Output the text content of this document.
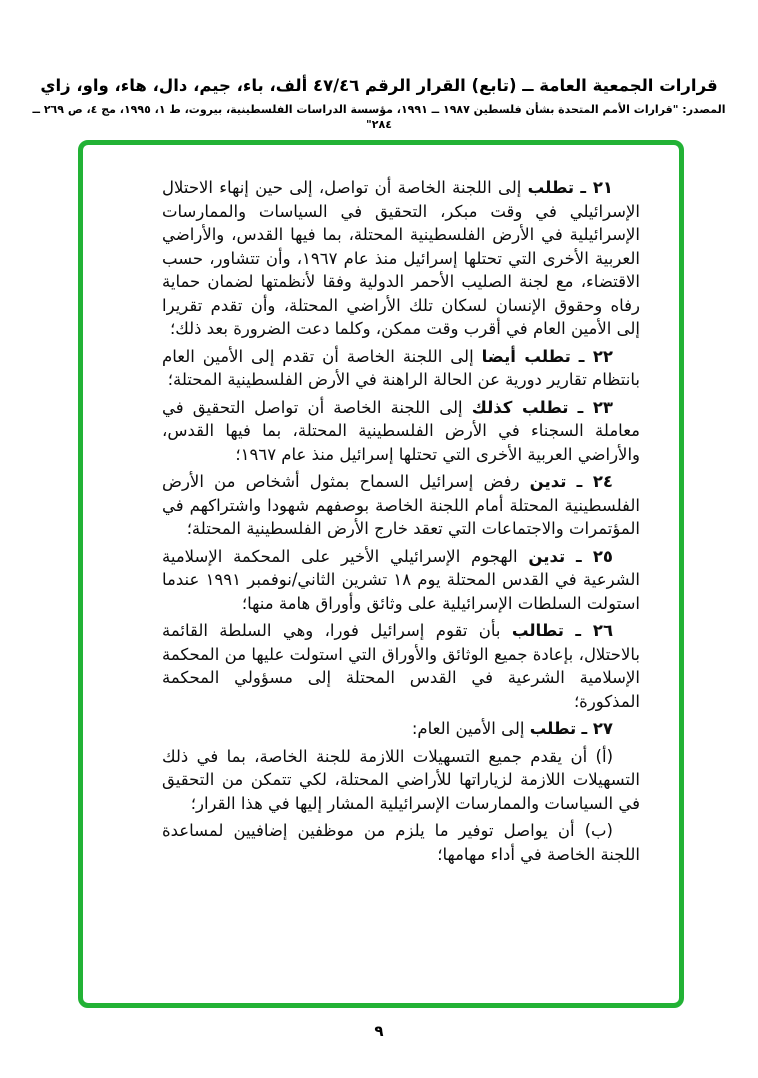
قرارات الجمعية العامة ــ (تابع) القرار الرقم ٤٧/٤٦ ألف، باء، جيم، دال، هاء، واو، زاي
المصدر: "قرارات الأمم المتحدة بشأن فلسطين ١٩٨٧ ــ ١٩٩١، مؤسسة الدراسات الفلسطينية، بيروت، ط ١، ١٩٩٥، مج ٤، ص ٢٦٩ ــ ٢٨٤"

٢١ ـ تطلب إلى اللجنة الخاصة أن تواصل، إلى حين إنهاء الاحتلال الإسرائيلي في وقت مبكر، التحقيق في السياسات والممارسات الإسرائيلية في الأرض الفلسطينية المحتلة، بما فيها القدس، والأراضي العربية الأخرى التي تحتلها إسرائيل منذ عام ١٩٦٧، وأن تتشاور، حسب الاقتضاء، مع لجنة الصليب الأحمر الدولية وفقا لأنظمتها لضمان حماية رفاه وحقوق الإنسان لسكان تلك الأراضي المحتلة، وأن تقدم تقريرا إلى الأمين العام في أقرب وقت ممكن، وكلما دعت الضرورة بعد ذلك؛

٢٢ ـ تطلب أيضا إلى اللجنة الخاصة أن تقدم إلى الأمين العام بانتظام تقارير دورية عن الحالة الراهنة في الأرض الفلسطينية المحتلة؛

٢٣ ـ تطلب كذلك إلى اللجنة الخاصة أن تواصل التحقيق في معاملة السجناء في الأرض الفلسطينية المحتلة، بما فيها القدس، والأراضي العربية الأخرى التي تحتلها إسرائيل منذ عام ١٩٦٧؛

٢٤ ـ تدين رفض إسرائيل السماح بمثول أشخاص من الأرض الفلسطينية المحتلة أمام اللجنة الخاصة بوصفهم شهودا واشتراكهم في المؤتمرات والاجتماعات التي تعقد خارج الأرض الفلسطينية المحتلة؛

٢٥ ـ تدين الهجوم الإسرائيلي الأخير على المحكمة الإسلامية الشرعية في القدس المحتلة يوم ١٨ تشرين الثاني/نوفمبر ١٩٩١ عندما استولت السلطات الإسرائيلية على وثائق وأوراق هامة منها؛

٢٦ ـ تطالب بأن تقوم إسرائيل فورا، وهي السلطة القائمة بالاحتلال، بإعادة جميع الوثائق والأوراق التي استولت عليها من المحكمة الإسلامية الشرعية في القدس المحتلة إلى مسؤولي المحكمة المذكورة؛

٢٧ ـ تطلب إلى الأمين العام:

(أ) أن يقدم جميع التسهيلات اللازمة للجنة الخاصة، بما في ذلك التسهيلات اللازمة لزياراتها للأراضي المحتلة، لكي تتمكن من التحقيق في السياسات والممارسات الإسرائيلية المشار إليها في هذا القرار؛

(ب) أن يواصل توفير ما يلزم من موظفين إضافيين لمساعدة اللجنة الخاصة في أداء مهامها؛

٩
